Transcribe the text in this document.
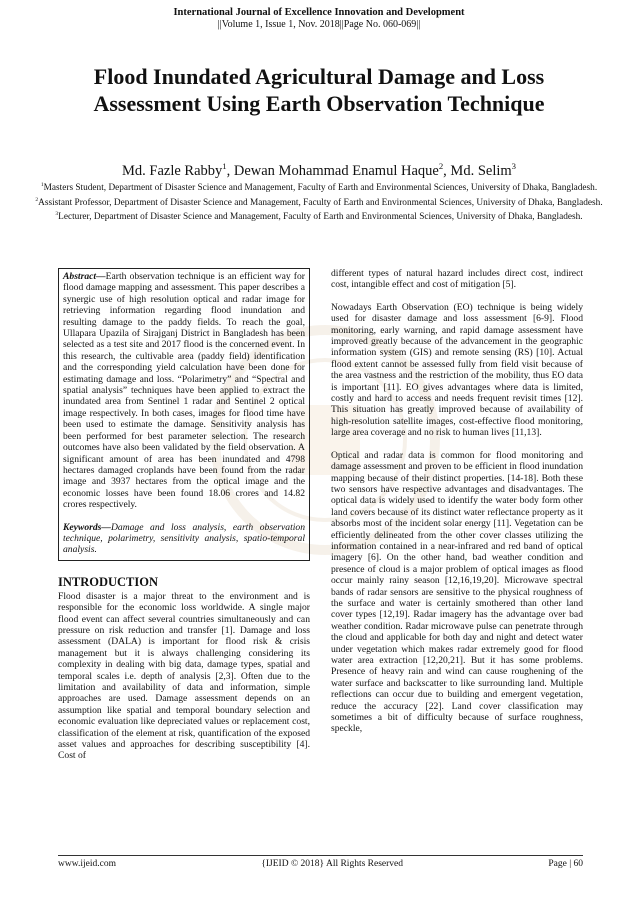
International Journal of Excellence Innovation and Development
||Volume 1, Issue 1, Nov. 2018||Page No. 060-069||
Flood Inundated Agricultural Damage and Loss Assessment Using Earth Observation Technique
Md. Fazle Rabby$^1$, Dewan Mohammad Enamul Haque$^2$, Md. Selim$^3$
$^1$Masters Student, Department of Disaster Science and Management, Faculty of Earth and Environmental Sciences, University of Dhaka, Bangladesh.
$^2$Assistant Professor, Department of Disaster Science and Management, Faculty of Earth and Environmental Sciences, University of Dhaka, Bangladesh.
$^3$Lecturer, Department of Disaster Science and Management, Faculty of Earth and Environmental Sciences, University of Dhaka, Bangladesh.

Abstract—Earth observation technique is an efficient way for flood damage mapping and assessment. This paper describes a synergic use of high resolution optical and radar image for retrieving information regarding flood inundation and resulting damage to the paddy fields. To reach the goal, Ullapara Upazila of Sirajganj District in Bangladesh has been selected as a test site and 2017 flood is the concerned event. In this research, the cultivable area (paddy field) identification and the corresponding yield calculation have been done for estimating damage and loss. “Polarimetry” and “Spectral and spatial analysis” techniques have been applied to extract the inundated area from Sentinel 1 radar and Sentinel 2 optical image respectively. In both cases, images for flood time have been used to estimate the damage. Sensitivity analysis has been performed for best parameter selection. The research outcomes have also been validated by the field observation. A significant amount of area has been inundated and 4798 hectares damaged croplands have been found from the radar image and 3937 hectares from the optical image and the economic losses have been found 18.06 crores and 14.82 crores respectively.

Keywords—Damage and loss analysis, earth observation technique, polarimetry, sensitivity analysis, spatio-temporal analysis.

INTRODUCTION

Flood disaster is a major threat to the environment and is responsible for the economic loss worldwide. A single major flood event can affect several countries simultaneously and can pressure on risk reduction and transfer [1]. Damage and loss assessment (DALA) is important for flood risk & crisis management but it is always challenging considering its complexity in dealing with big data, damage types, spatial and temporal scales i.e. depth of analysis [2,3]. Often due to the limitation and availability of data and information, simple approaches are used. Damage assessment depends on an assumption like spatial and temporal boundary selection and economic evaluation like depreciated values or replacement cost, classification of the element at risk, quantification of the exposed asset values and approaches for describing susceptibility [4]. Cost of

different types of natural hazard includes direct cost, indirect cost, intangible effect and cost of mitigation [5].

Nowadays Earth Observation (EO) technique is being widely used for disaster damage and loss assessment [6-9]. Flood monitoring, early warning, and rapid damage assessment have improved greatly because of the advancement in the geographic information system (GIS) and remote sensing (RS) [10]. Actual flood extent cannot be assessed fully from field visit because of the area vastness and the restriction of the mobility, thus EO data is important [11]. EO gives advantages where data is limited, costly and hard to access and needs frequent revisit times [12]. This situation has greatly improved because of availability of high-resolution satellite images, cost-effective flood monitoring, large area coverage and no risk to human lives [11,13].

Optical and radar data is common for flood monitoring and damage assessment and proven to be efficient in flood inundation mapping because of their distinct properties. [14-18]. Both these two sensors have respective advantages and disadvantages. The optical data is widely used to identify the water body form other land covers because of its distinct water reflectance property as it absorbs most of the incident solar energy [11]. Vegetation can be efficiently delineated from the other cover classes utilizing the information contained in a near-infrared and red band of optical imagery [6]. On the other hand, bad weather condition and presence of cloud is a major problem of optical images as flood occur mainly rainy season [12,16,19,20]. Microwave spectral bands of radar sensors are sensitive to the physical roughness of the surface and water is certainly smothered than other land cover types [12,19]. Radar imagery has the advantage over bad weather condition. Radar microwave pulse can penetrate through the cloud and applicable for both day and night and detect water under vegetation which makes radar extremely good for flood water area extraction [12,20,21]. But it has some problems. Presence of heavy rain and wind can cause roughening of the water surface and backscatter to like surrounding land. Multiple reflections can occur due to building and emergent vegetation, reduce the accuracy [22]. Land cover classification may sometimes a bit of difficulty because of surface roughness, speckle,

www.ijeid.com	{IJEID © 2018} All Rights Reserved	Page | 60
